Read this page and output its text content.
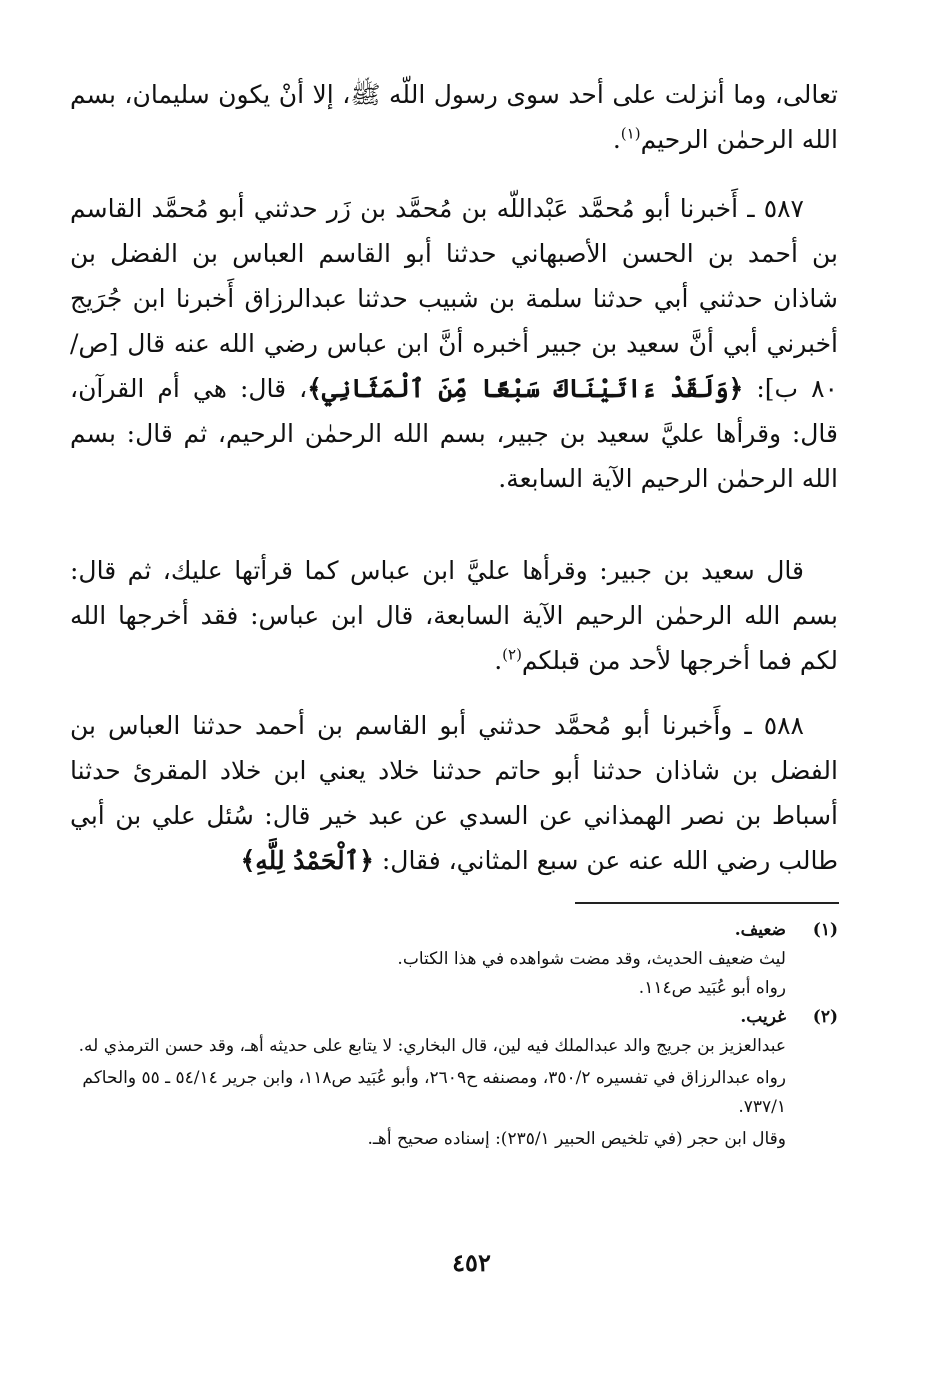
تعالى، وما أنزلت على أحد سوى رسول اللّه ﷺ، إلا أنْ يكون سليمان، بسم الله الرحمٰن الرحيم$^{(١)}$.
٥٨٧ ـ أَخبرنا أبو مُحمَّد عَبْداللّه بن مُحمَّد بن زَر حدثني أبو مُحمَّد القاسم بن أحمد بن الحسن الأصبهاني حدثنا أبو القاسم العباس بن الفضل بن شاذان حدثني أبي حدثنا سلمة بن شبيب حدثنا عبدالرزاق أَخبرنا ابن جُرَيج أخبرني أبي أنَّ سعيد بن جبير أخبره أنَّ ابن عباس رضي الله عنه قال [ص/٨٠ ب]: ﴿وَلَقَدْ ءَاتَيْنَاكَ سَبْعًا مِّنَ ٱلْمَثَانِي﴾، قال: هي أم القرآن، قال: وقرأها عليَّ سعيد بن جبير، بسم الله الرحمٰن الرحيم، ثم قال: بسم الله الرحمٰن الرحيم الآية السابعة.
قال سعيد بن جبير: وقرأها عليَّ ابن عباس كما قرأتها عليك، ثم قال: بسم الله الرحمٰن الرحيم الآية السابعة، قال ابن عباس: فقد أخرجها الله لكم فما أخرجها لأحد من قبلكم$^{(٢)}$.
٥٨٨ ـ وأَخبرنا أبو مُحمَّد حدثني أبو القاسم بن أحمد حدثنا العباس بن الفضل بن شاذان حدثنا أبو حاتم حدثنا خلاد يعني ابن خلاد المقرئ حدثنا أسباط بن نصر الهمذاني عن السدي عن عبد خير قال: سُئل علي بن أبي طالب رضي الله عنه عن سبع المثاني، فقال: ﴿ٱلْحَمْدُ لِلَّهِ﴾
(١)ضعيف.
ليث ضعيف الحديث، وقد مضت شواهده في هذا الكتاب.
رواه أبو عُبَيد ص١١٤.
(٢)غريب.
عبدالعزيز بن جريج والد عبدالملك فيه لين، قال البخاري: لا يتابع على حديثه أهـ، وقد حسن الترمذي له.
رواه عبدالرزاق في تفسيره ٣٥٠/٢، ومصنفه ح٢٦٠٩، وأبو عُبَيد ص١١٨، وابن جرير ٥٤/١٤ ـ ٥٥ والحاكم ٧٣٧/١.
وقال ابن حجر (في تلخيص الحبير ٢٣٥/١): إسناده صحيح أهـ.
٤٥٢
